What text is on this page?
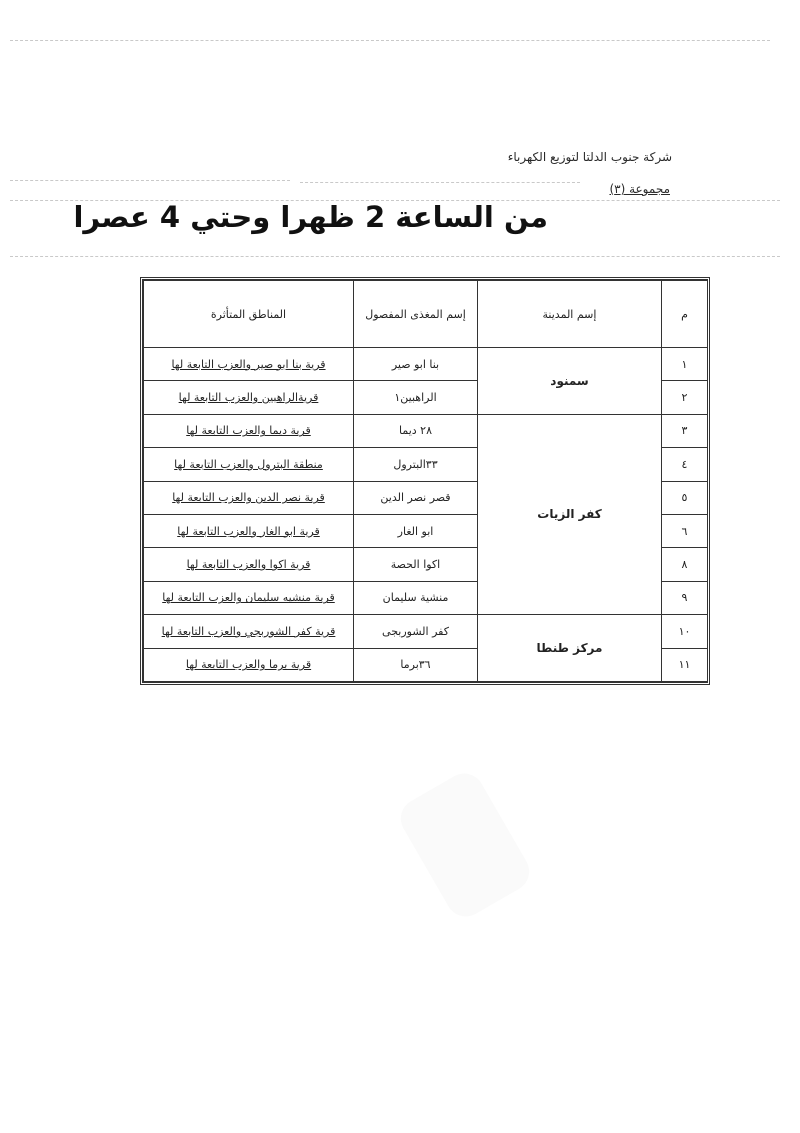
شركة جنوب الدلتا لتوزيع الكهرباء
مجموعة (٣)
من الساعة 2 ظهرا وحتي 4 عصرا
م	إسم المدينة	إسم المغذى المفصول	المناطق المتأثرة
١	سمنود	بنا ابو صير	قرية بنا ابو صير والعزب التابعة لها
٢		الراهبين١	قريةالراهبين والعزب التابعة لها
٣	كفر الزيات	٢٨ ديما	قرية ديما والعزب التابعة لها
٤		٣٣البترول	منطقة البترول والعزب التابعة لها
٥		قصر نصر الدين	قرية نصر الدين والعزب التابعة لها
٦		ابو الغار	قرية ابو الغار والعزب التابعة لها
٨		اكوا الحصة	قرية اكوا والعزب التابعة لها
٩		منشية سليمان	قرية منشيه سليمان والعزب التابعة لها
١٠	مركز طنطا	كفر الشوربجى	قرية كفر الشوربجي والعزب التابعة لها
١١		٣٦برما	قرية برما والعزب التابعة لها
